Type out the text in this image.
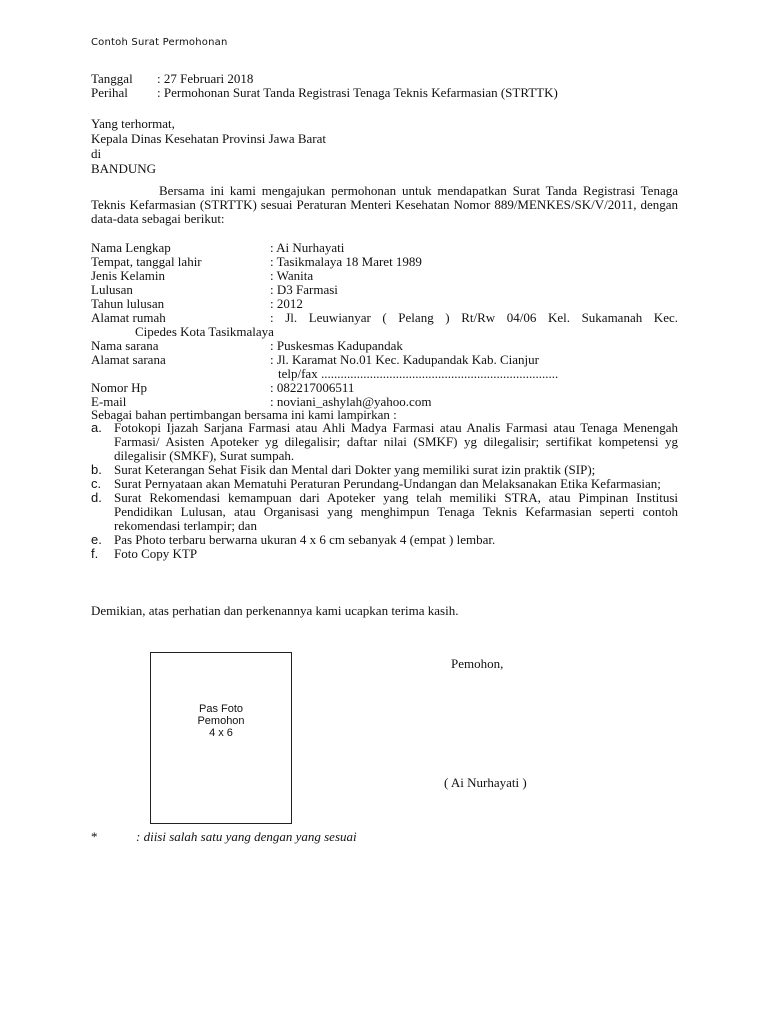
Contoh Surat Permohonan
Tanggal : 27 Februari 2018
Perihal : Permohonan Surat Tanda Registrasi Tenaga Teknis Kefarmasian (STRTTK)
Yang terhormat,
Kepala Dinas Kesehatan Provinsi Jawa Barat
di
BANDUNG

Bersama ini kami mengajukan permohonan untuk mendapatkan Surat Tanda Registrasi Tenaga Teknis Kefarmasian (STRTTK) sesuai Peraturan Menteri Kesehatan Nomor 889/MENKES/SK/V/2011, dengan data-data sebagai berikut:

Nama Lengkap	: Ai Nurhayati
Tempat, tanggal lahir	: Tasikmalaya 18 Maret 1989
Jenis Kelamin	: Wanita
Lulusan	: D3 Farmasi
Tahun lulusan	: 2012
Alamat rumah	: Jl. Leuwianyar ( Pelang ) Rt/Rw 04/06 Kel. Sukamanah Kec.
Cipedes Kota Tasikmalaya
Nama sarana	: Puskesmas Kadupandak
Alamat sarana	: Jl. Karamat No.01 Kec. Kadupandak Kab. Cianjur
telp/fax .........................................................................
Nomor Hp	: 082217006511
E-mail	: noviani_ashylah@yahoo.com
Sebagai bahan pertimbangan bersama ini kami lampirkan :
a. Fotokopi Ijazah Sarjana Farmasi atau Ahli Madya Farmasi atau Analis Farmasi atau Tenaga Menengah Farmasi/ Asisten Apoteker yg dilegalisir; daftar nilai (SMKF) yg dilegalisir; sertifikat kompetensi yg dilegalisir (SMKF), Surat sumpah.
b. Surat Keterangan Sehat Fisik dan Mental dari Dokter yang memiliki surat izin praktik (SIP);
c. Surat Pernyataan akan Mematuhi Peraturan Perundang-Undangan dan Melaksanakan Etika Kefarmasian;
d. Surat Rekomendasi kemampuan dari Apoteker yang telah memiliki STRA, atau Pimpinan Institusi Pendidikan Lulusan, atau Organisasi yang menghimpun Tenaga Teknis Kefarmasian seperti contoh rekomendasi terlampir; dan
e. Pas Photo terbaru berwarna ukuran 4 x 6 cm sebanyak 4 (empat ) lembar.
f. Foto Copy KTP
Demikian, atas perhatian dan perkenannya kami ucapkan terima kasih.
Pas Foto
Pemohon
4 x 6
Pemohon,
( Ai Nurhayati )
*	: diisi salah satu yang dengan yang sesuai
